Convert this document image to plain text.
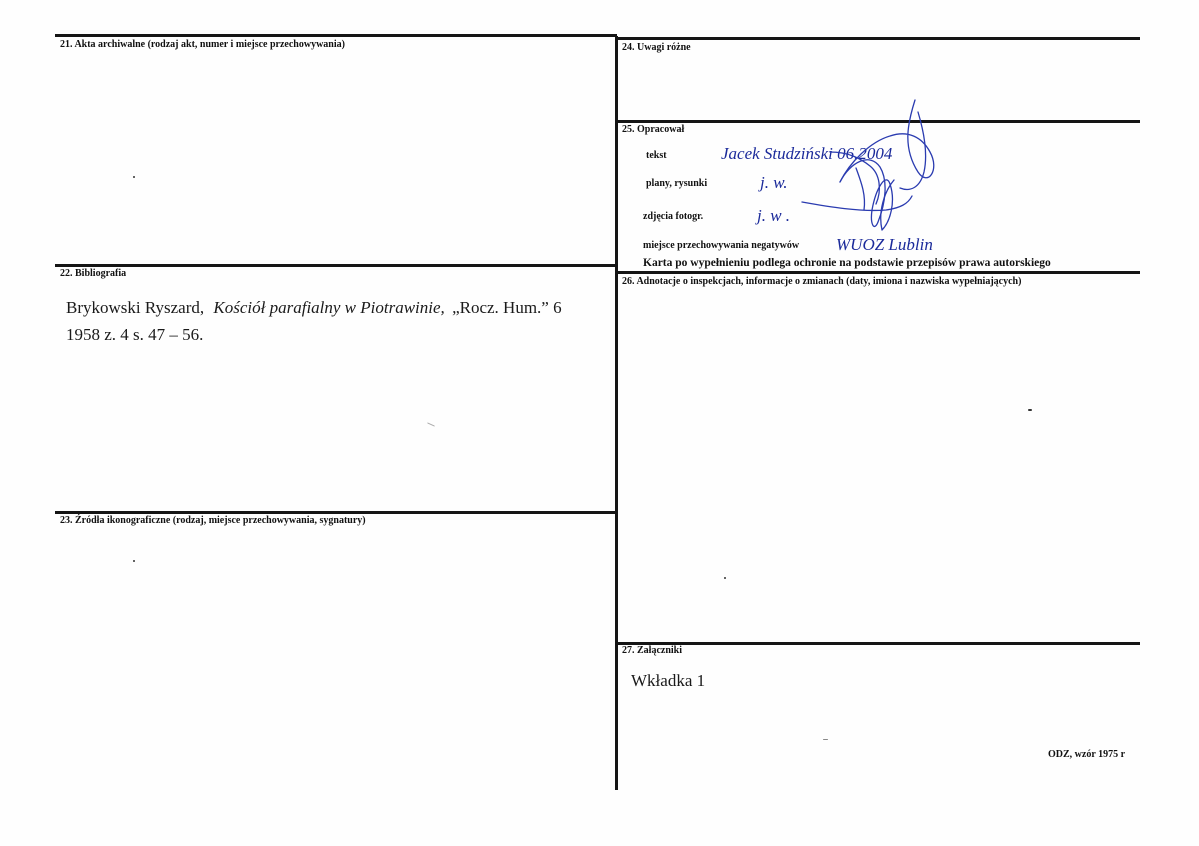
21. Akta archiwalne (rodzaj akt, numer i miejsce przechowywania)
22. Bibliografia
Brykowski Ryszard, Kościół parafialny w Piotrawinie, „Rocz. Hum.” 6
1958 z. 4 s. 47 – 56.
23. Źródła ikonograficzne (rodzaj, miejsce przechowywania, sygnatury)
24. Uwagi różne
25. Opracował
tekst	Jacek Studziński 06.2004
plany, rysunki	j. w.
zdjęcia fotogr.	j. w .
miejsce przechowywania negatywów WUOZ Lublin
Karta po wypełnieniu podlega ochronie na podstawie przepisów prawa autorskiego
26. Adnotacje o inspekcjach, informacje o zmianach (daty, imiona i nazwiska wypełniających)
27. Załączniki
Wkładka 1
ODZ, wzór 1975 r
